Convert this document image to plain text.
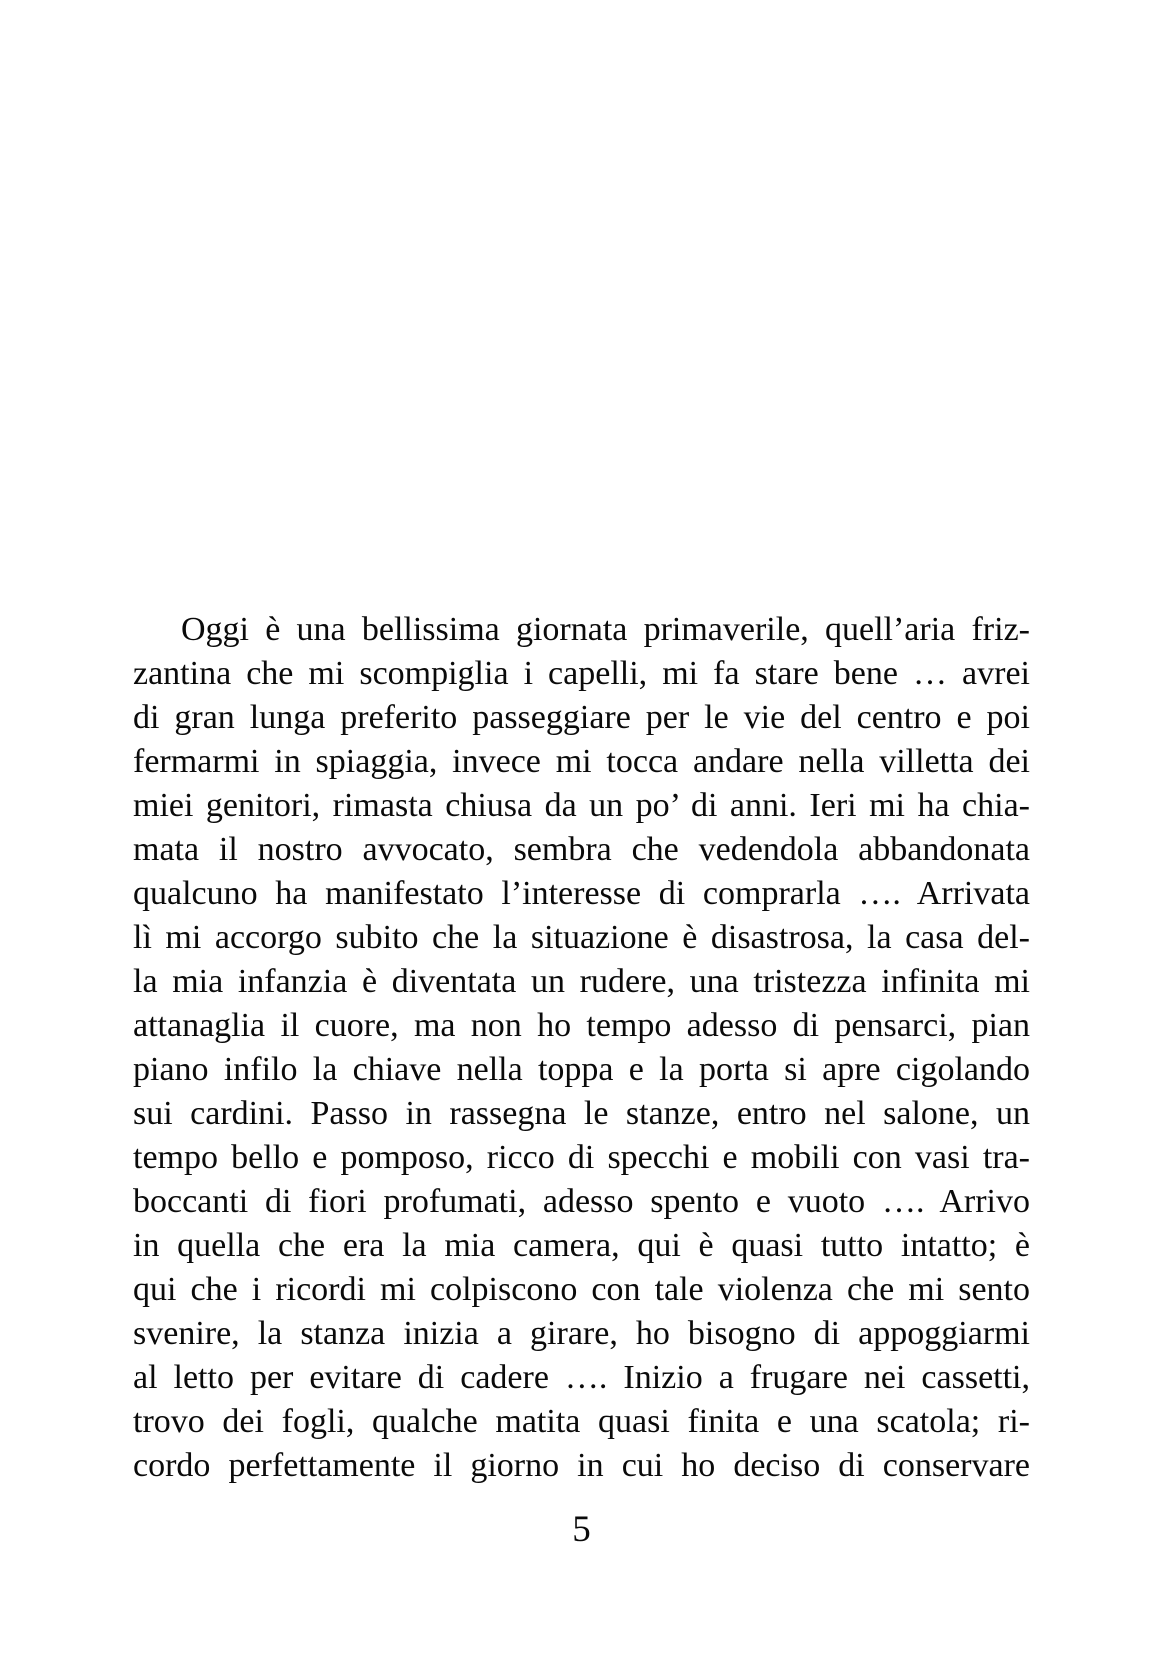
Oggi è una bellissima giornata primaverile, quell’aria friz-
zantina che mi scompiglia i capelli, mi fa stare bene … avrei
di gran lunga preferito passeggiare per le vie del centro e poi
fermarmi in spiaggia, invece mi tocca andare nella villetta dei
miei genitori, rimasta chiusa da un po’ di anni. Ieri mi ha chia-
mata il nostro avvocato, sembra che vedendola abbandonata
qualcuno ha manifestato l’interesse di comprarla …. Arrivata
lì mi accorgo subito che la situazione è disastrosa, la casa del-
la mia infanzia è diventata un rudere, una tristezza infinita mi
attanaglia il cuore, ma non ho tempo adesso di pensarci, pian
piano infilo la chiave nella toppa e la porta si apre cigolando
sui cardini. Passo in rassegna le stanze, entro nel salone, un
tempo bello e pomposo, ricco di specchi e mobili con vasi tra-
boccanti di fiori profumati, adesso spento e vuoto …. Arrivo
in quella che era la mia camera, qui è quasi tutto intatto; è
qui che i ricordi mi colpiscono con tale violenza che mi sento
svenire, la stanza inizia a girare, ho bisogno di appoggiarmi
al letto per evitare di cadere …. Inizio a frugare nei cassetti,
trovo dei fogli, qualche matita quasi finita e una scatola; ri-
cordo perfettamente il giorno in cui ho deciso di conservare
5
